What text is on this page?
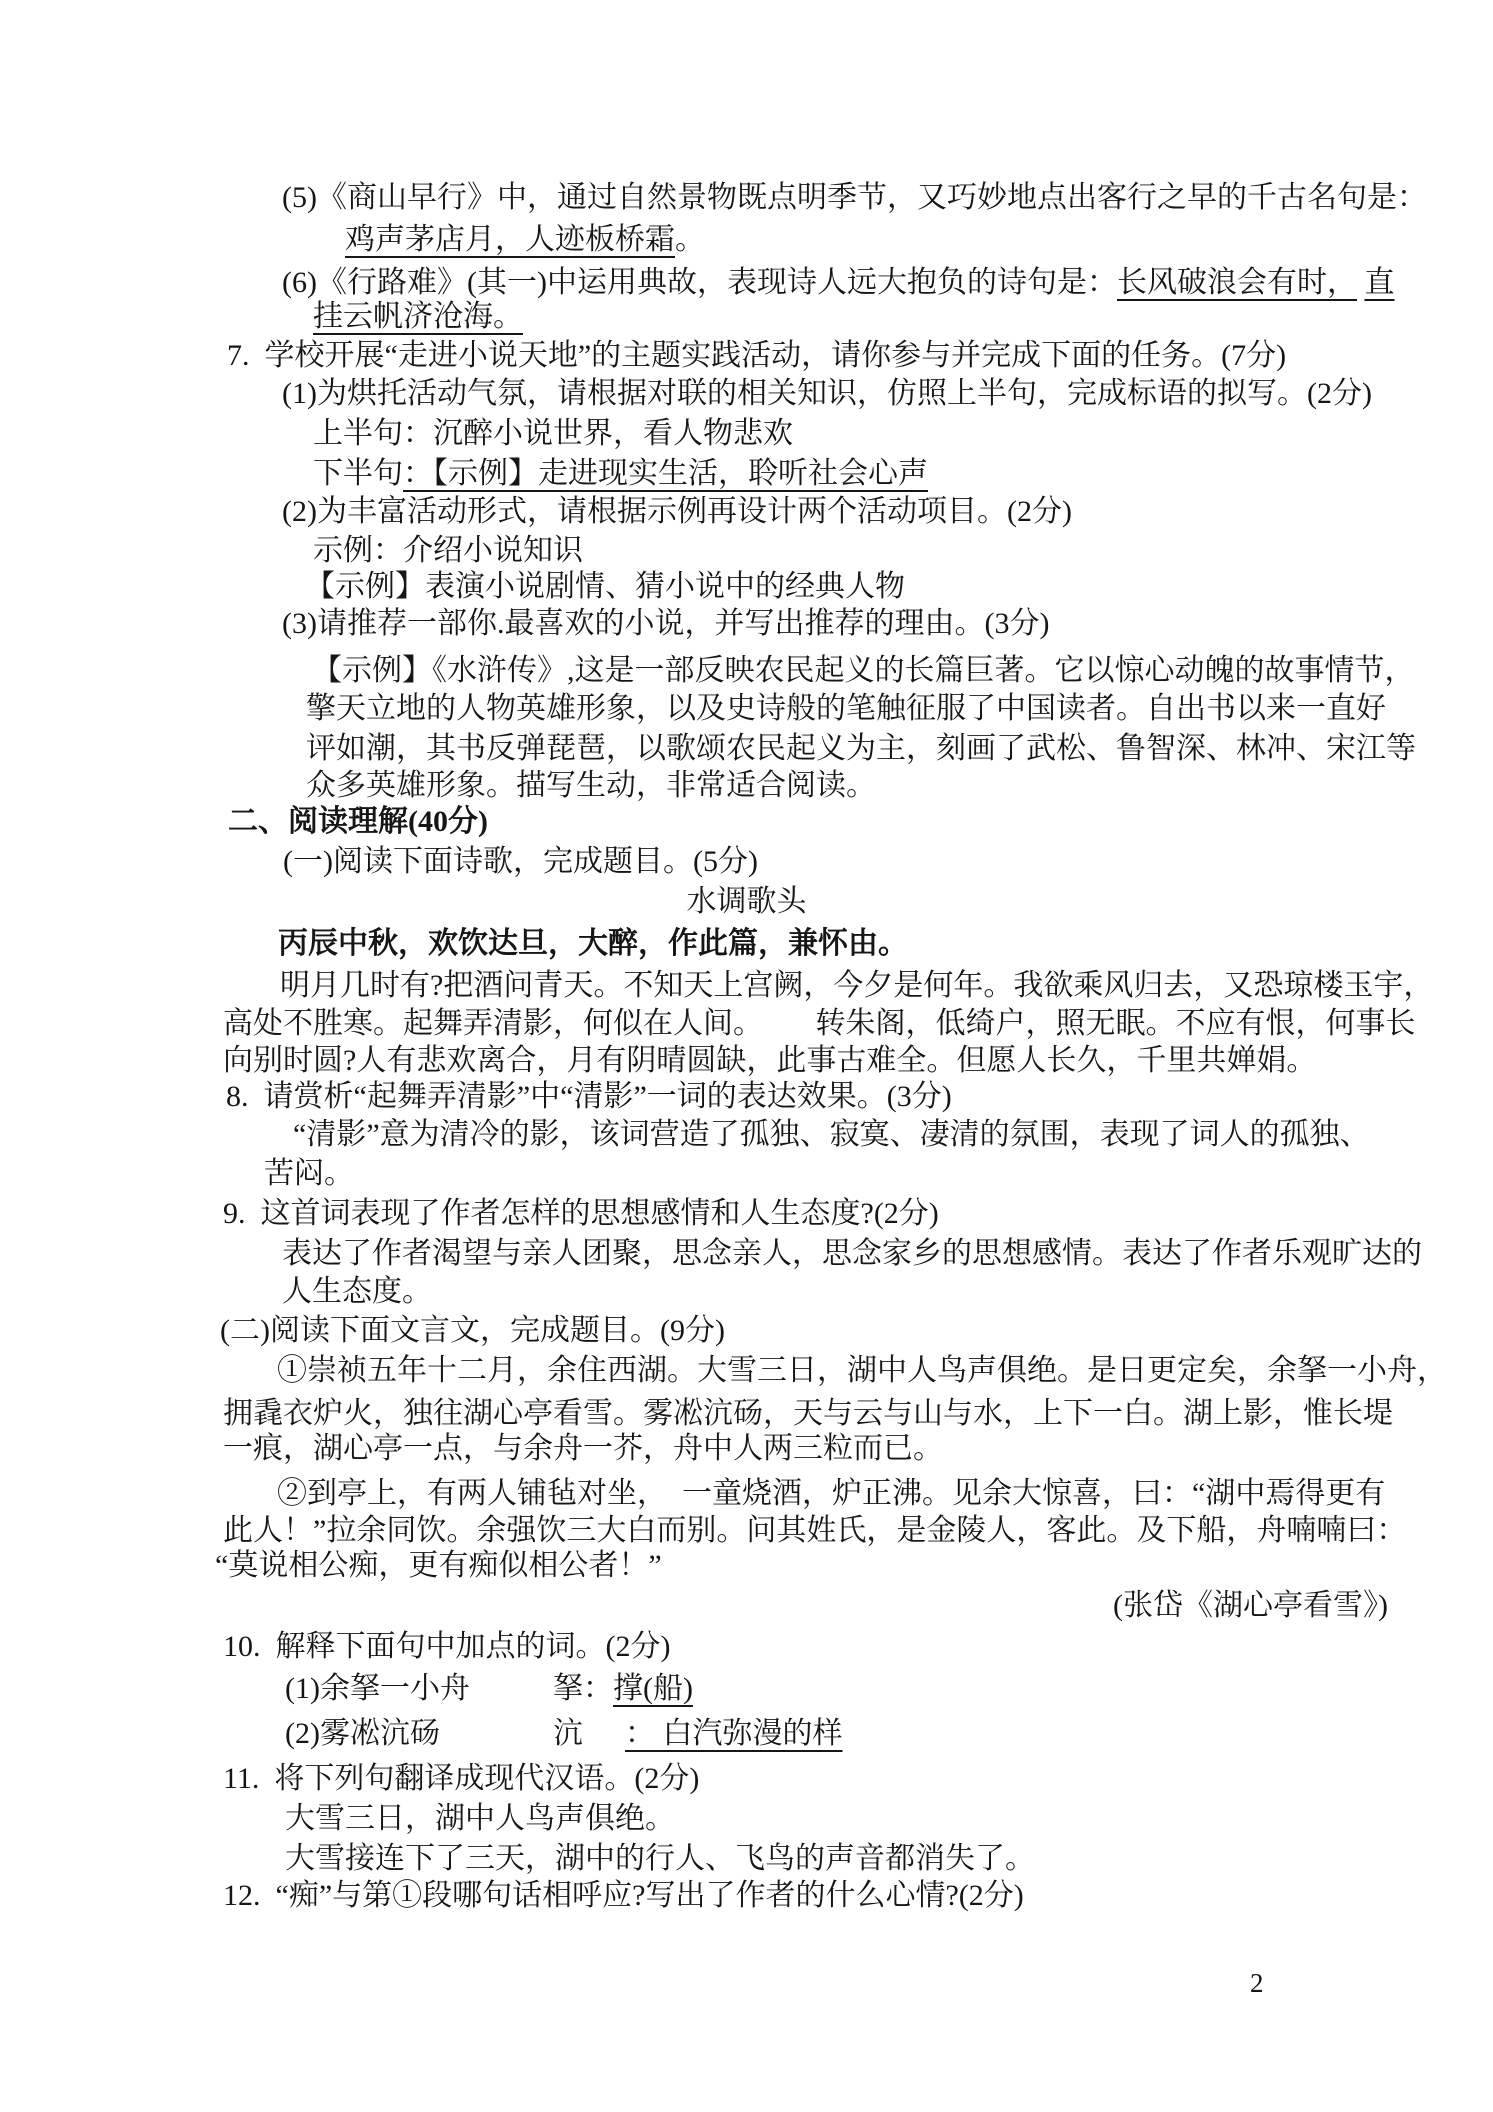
(5)《商山早行》中，通过自然景物既点明季节，又巧妙地点出客行之早的千古名句是：
鸡声茅店月，人迹板桥霜。
(6)《行路难》(其一)中运用典故，表现诗人远大抱负的诗句是：长风破浪会有时， 直
挂云帆济沧海。
7.  学校开展“走进小说天地”的主题实践活动，请你参与并完成下面的任务。(7分)
(1)为烘托活动气氛，请根据对联的相关知识，仿照上半句，完成标语的拟写。(2分)
上半句：沉醉小说世界，看人物悲欢
下半句：【示例】走进现实生活，聆听社会心声
(2)为丰富活动形式，请根据示例再设计两个活动项目。(2分)
示例：介绍小说知识
【示例】表演小说剧情、猜小说中的经典人物
(3)请推荐一部你.最喜欢的小说，并写出推荐的理由。(3分)
【示例】《水浒传》,这是一部反映农民起义的长篇巨著。它以惊心动魄的故事情节，
擎天立地的人物英雄形象，以及史诗般的笔触征服了中国读者。自出书以来一直好
评如潮，其书反弹琵琶，以歌颂农民起义为主，刻画了武松、鲁智深、林冲、宋江等
众多英雄形象。描写生动，非常适合阅读。
二、阅读理解(40分)
(一)阅读下面诗歌，完成题目。(5分)
水调歌头
丙辰中秋，欢饮达旦，大醉，作此篇，兼怀由。
明月几时有?把酒问青天。不知天上宫阙，今夕是何年。我欲乘风归去，又恐琼楼玉宇，
高处不胜寒。起舞弄清影，何似在人间。　　 转朱阁，低绮户，照无眠。不应有恨，何事长
向别时圆?人有悲欢离合，月有阴晴圆缺，此事古难全。但愿人长久，千里共婵娟。
8.  请赏析“起舞弄清影”中“清影”一词的表达效果。(3分)
“清影”意为清冷的影，该词营造了孤独、寂寞、凄清的氛围，表现了词人的孤独、
苦闷。
9.  这首词表现了作者怎样的思想感情和人生态度?(2分)
表达了作者渴望与亲人团聚，思念亲人，思念家乡的思想感情。表达了作者乐观旷达的
人生态度。
(二)阅读下面文言文，完成题目。(9分)
①崇祯五年十二月，余住西湖。大雪三日，湖中人鸟声俱绝。是日更定矣，余拏一小舟，
拥毳衣炉火，独往湖心亭看雪。雾凇沆砀，天与云与山与水，上下一白。湖上影，惟长堤
一痕，湖心亭一点，与余舟一芥，舟中人两三粒而已。
②到亭上，有两人铺毡对坐，　一童烧酒，炉正沸。见余大惊喜，曰：“湖中焉得更有
此人！”拉余同饮。余强饮三大白而别。问其姓氏，是金陵人，客此。及下船，舟喃喃曰：
“莫说相公痴，更有痴似相公者！”
(张岱《湖心亭看雪》)
10.  解释下面句中加点的词。(2分)
(1)余拏一小舟	拏：撑(船)
(2)雾凇沆砀	沆 ： 白汽弥漫的样
11.  将下列句翻译成现代汉语。(2分)
大雪三日，湖中人鸟声俱绝。
大雪接连下了三天，湖中的行人、飞鸟的声音都消失了。
12.  “痴”与第①段哪句话相呼应?写出了作者的什么心情?(2分)
2
